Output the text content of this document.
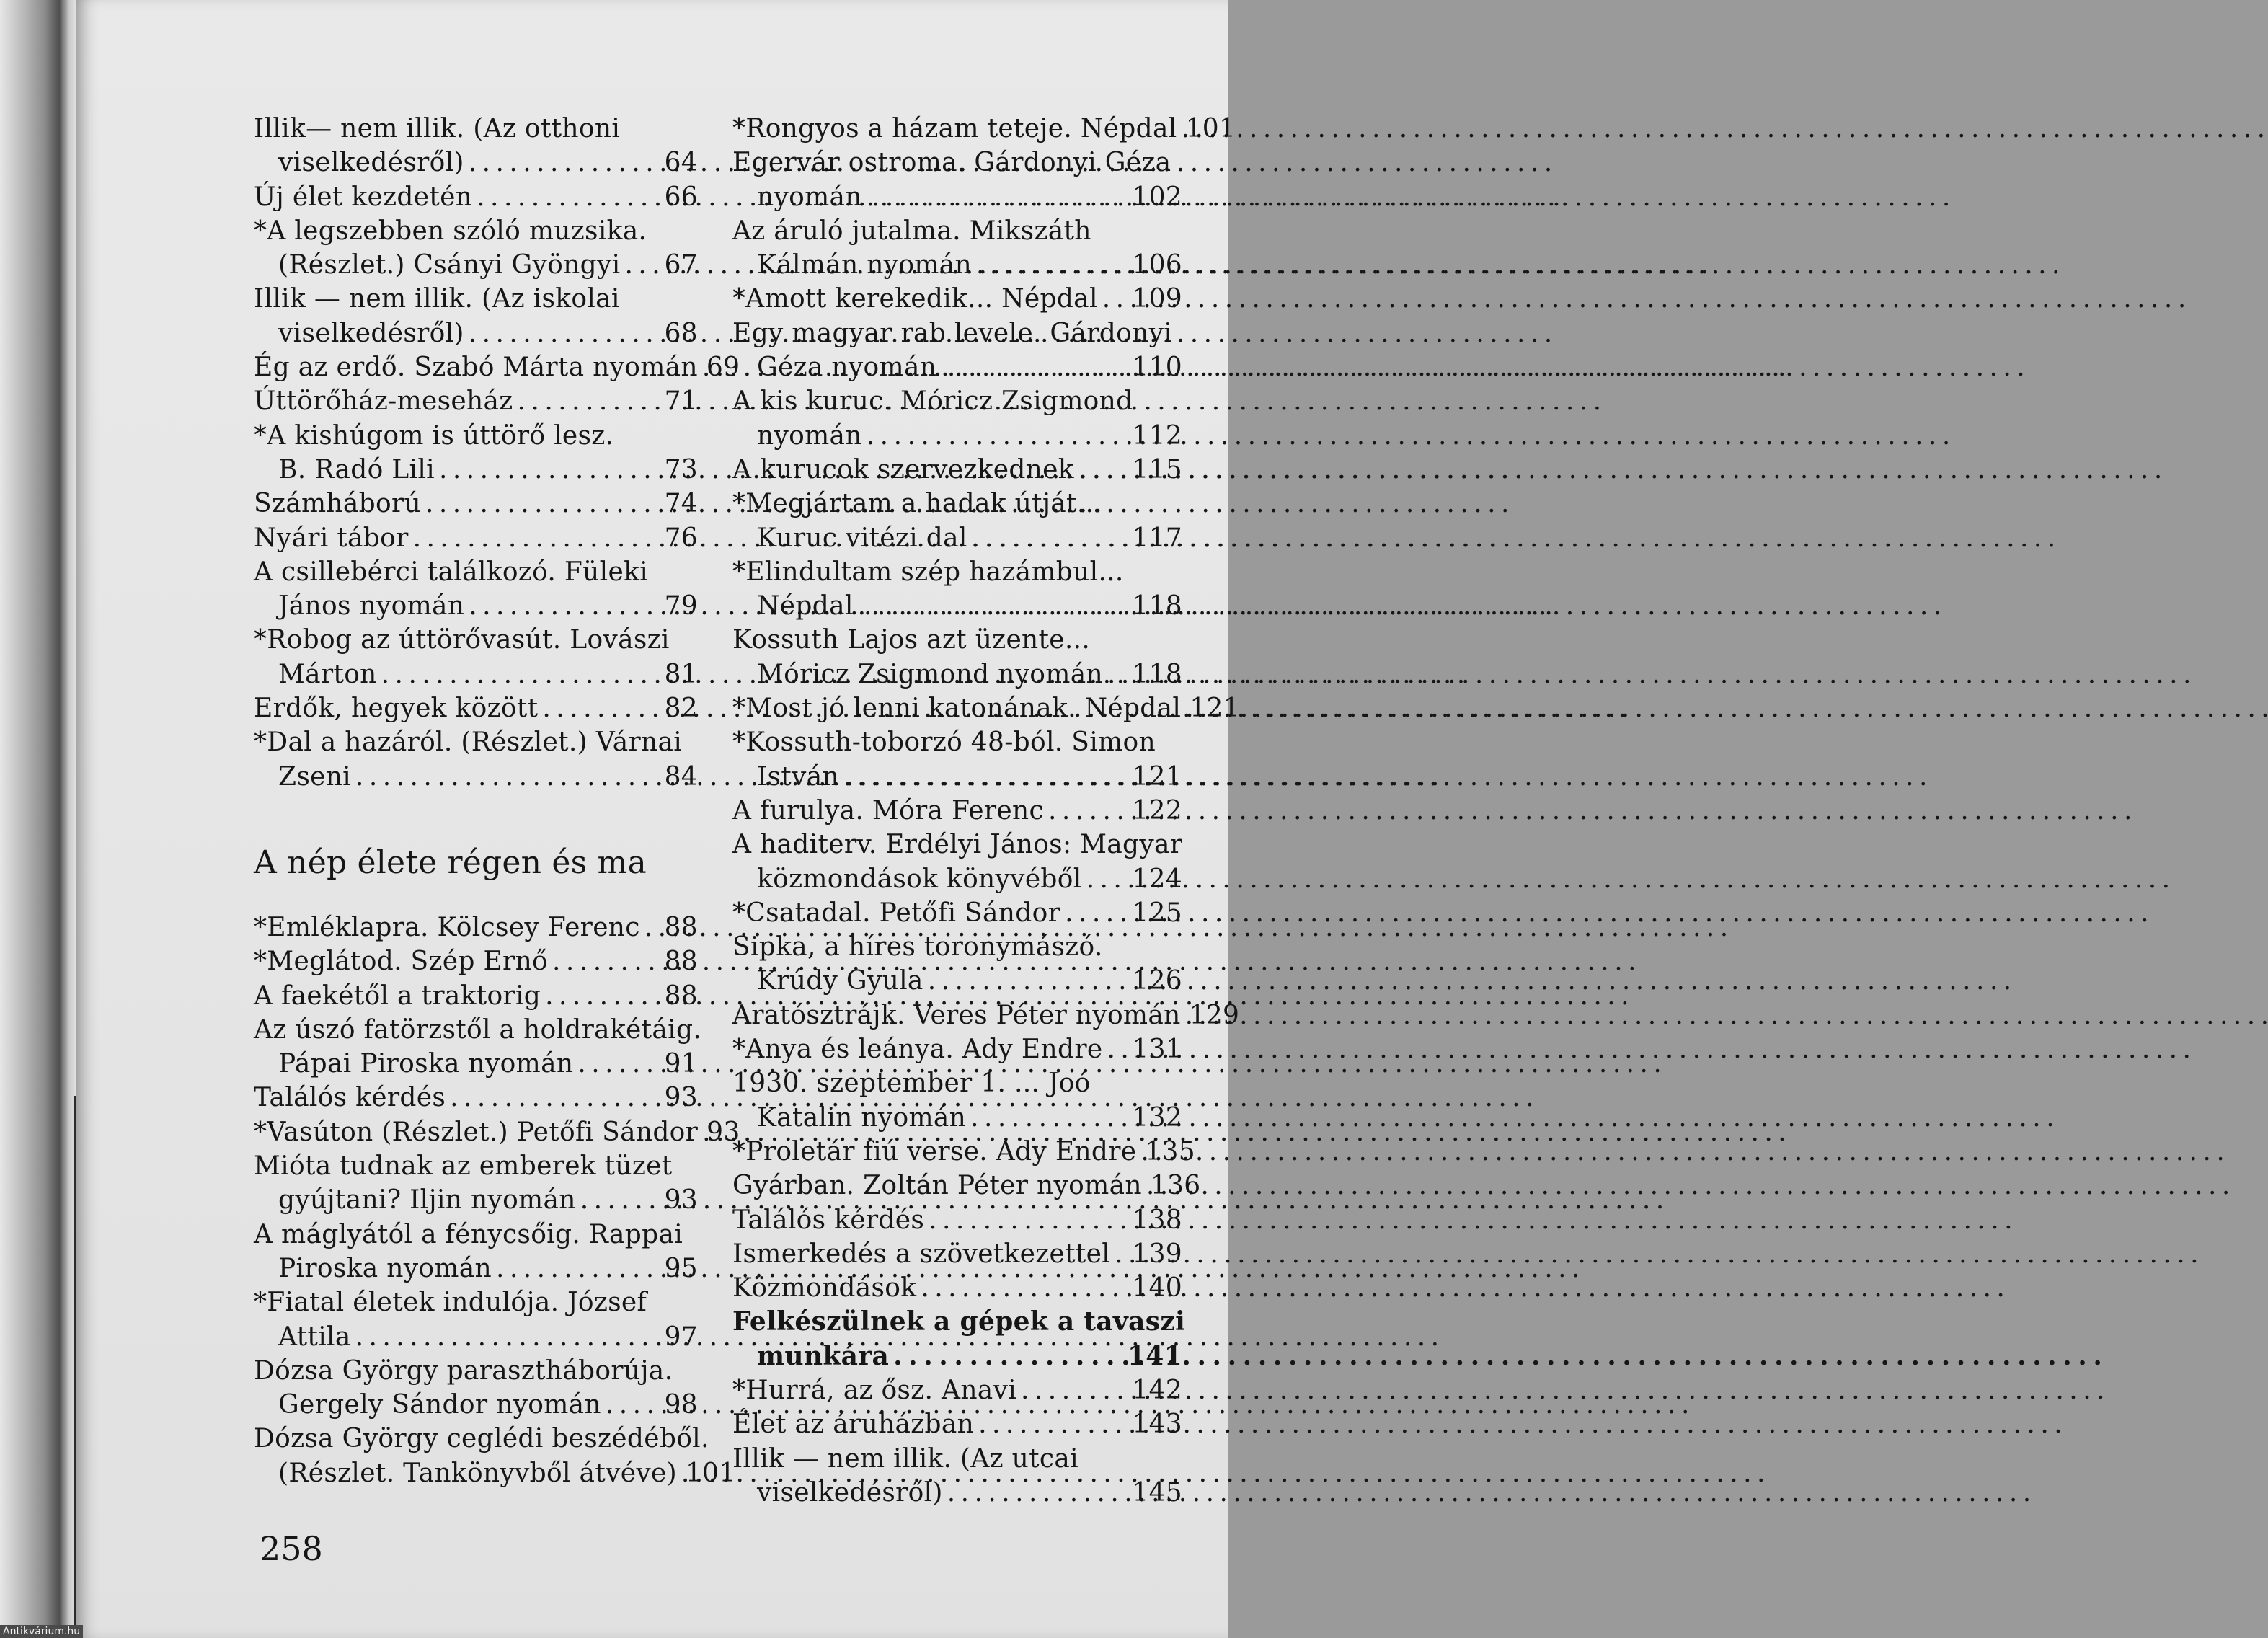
Illik— nem illik. (Az otthoni
viselkedésről) . . .	64
Új élet kezdetén . . .	66
*A legszebben szóló muzsika.
(Részlet.) Csányi Gyöngyi . . . 67
Illik — nem illik. (Az iskolai
viselkedésről) . . .	68
Ég az erdő. Szabó Márta nyomán . . . 69
Úttörőház-meseház . . .	71
*A kishúgom is úttörő lesz.
B. Radó Lili . . .	73
Számháború . . .	74
Nyári tábor . . .	76
A csillebérci találkozó. Füleki
János nyomán . . .	79
*Robog az úttörővasút. Lovászi
Márton . . .	81
Erdők, hegyek között . . .	82
*Dal a hazáról. (Részlet.) Várnai
Zseni . . .	84
A nép élete régen és ma
*Emléklapra. Kölcsey Ferenc . . . 88
*Meglátod. Szép Ernő . . .	88
A faekétől a traktorig . . .	88
Az úszó fatörzstől a holdrakétáig.
Pápai Piroska nyomán . . .	91
Találós kérdés . . .	93
*Vasúton (Részlet.) Petőfi Sándor . . . 93
Mióta tudnak az emberek tüzet
gyújtani? Iljin nyomán . . .	93
A máglyától a fénycsőig. Rappai
Piroska nyomán . . .	95
*Fiatal életek indulója. József
Attila . . .	97
Dózsa György parasztháborúja.
Gergely Sándor nyomán . . . 98
Dózsa György ceglédi beszédéből.
(Részlet. Tankönyvből átvéve) . . . 101
*Rongyos a házam teteje. Népdal . . . 101
Egervár ostroma. Gárdonyi Géza
nyomán . . .	102
Az áruló jutalma. Mikszáth
Kálmán nyomán . . .	106
*Amott kerekedik... Népdal . . . 109
Egy magyar rab levele. Gárdonyi
Géza nyomán . . .	110
A kis kuruc. Móricz Zsigmond
nyomán . . .	112
A kurucok szervezkednek . . . 115
*Megjártam a hadak útját...
Kuruc vitézi dal . . .	117
*Elindultam szép hazámbul...
Népdal . . .	118
Kossuth Lajos azt üzente...
Móricz Zsigmond nyomán . . . 118
*Most jó lenni katonának. Népdal . . . 121
*Kossuth-toborzó 48-ból. Simon
István . . .	121
A furulya. Móra Ferenc . . .	122
A haditerv. Erdélyi János: Magyar
közmondások könyvéből . . . 124
*Csatadal. Petőfi Sándor . . .	125
Sipka, a híres toronymászó.
Krúdy Gyula . . .	126
Aratósztrájk. Veres Péter nyomán . . . 129
*Anya és leánya. Ady Endre . . . 131
1930. szeptember 1. ... Joó
Katalin nyomán . . .	132
*Proletár fiú verse. Ady Endre . . . 135
Gyárban. Zoltán Péter nyomán . . . 136
Találós kérdés . . .	138
Ismerkedés a szövetkezettel . . . 139
Közmondások . . .	140
Felkészülnek a gépek a tavaszi
munkára . . .	141
*Hurrá, az ősz. Anavi . . .	142
Élet az áruházban . . .	143
Illik — nem illik. (Az utcai
viselkedésről) . . .	145
258
Antikvárium.hu
